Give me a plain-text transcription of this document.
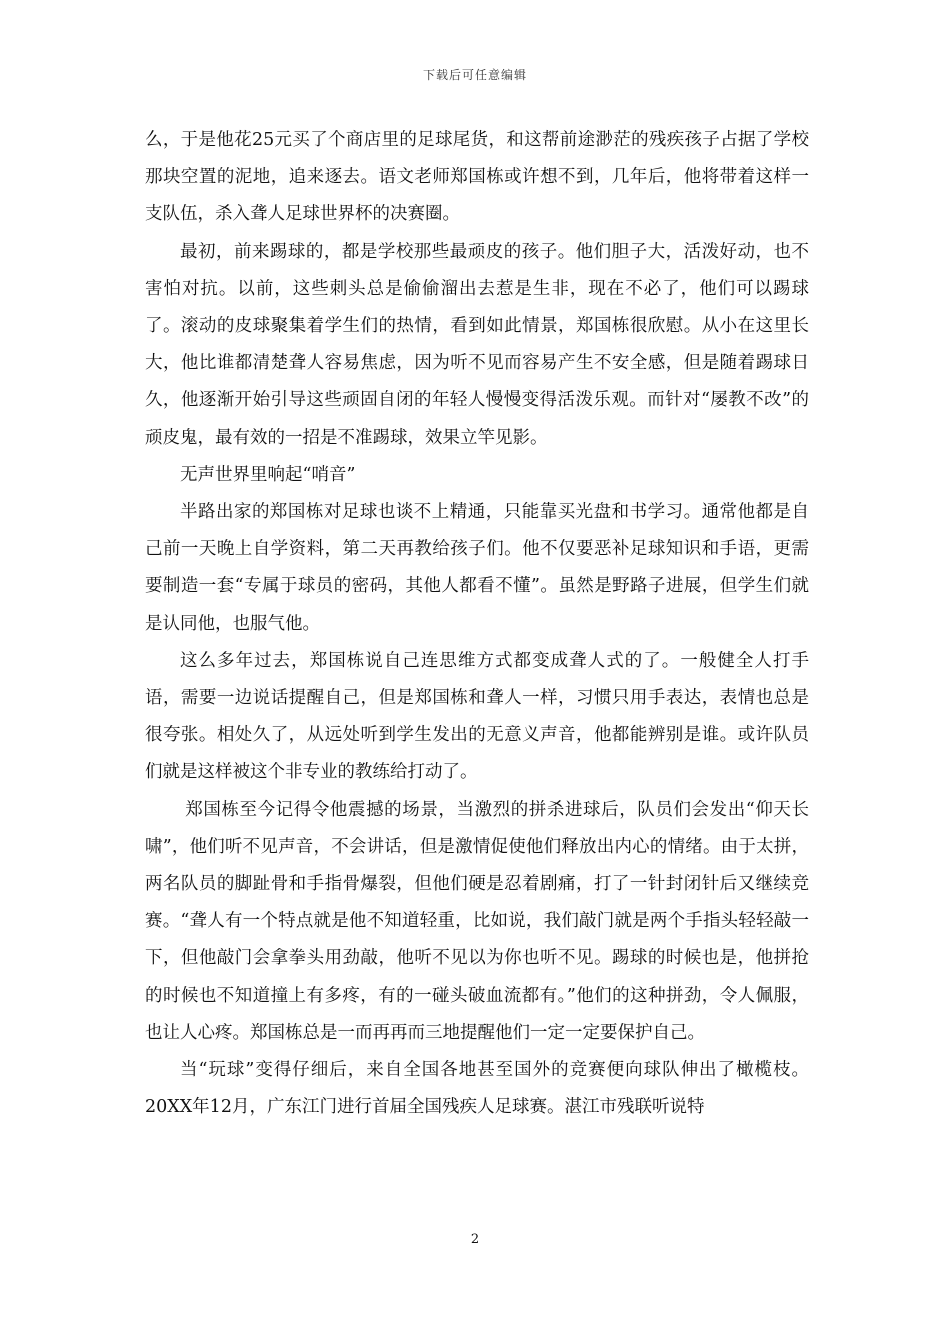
下载后可任意编辑

么，于是他花25元买了个商店里的足球尾货，和这帮前途渺茫的残疾孩子占据了学校那块空置的泥地，追来逐去。语文老师郑国栋或许想不到，几年后，他将带着这样一支队伍，杀入聋人足球世界杯的决赛圈。

最初，前来踢球的，都是学校那些最顽皮的孩子。他们胆子大，活泼好动，也不害怕对抗。以前，这些刺头总是偷偷溜出去惹是生非，现在不必了，他们可以踢球了。滚动的皮球聚集着学生们的热情，看到如此情景，郑国栋很欣慰。从小在这里长大，他比谁都清楚聋人容易焦虑，因为听不见而容易产生不安全感，但是随着踢球日久，他逐渐开始引导这些顽固自闭的年轻人慢慢变得活泼乐观。而针对“屡教不改”的顽皮鬼，最有效的一招是不准踢球，效果立竿见影。

无声世界里响起“哨音”

半路出家的郑国栋对足球也谈不上精通，只能靠买光盘和书学习。通常他都是自己前一天晚上自学资料，第二天再教给孩子们。他不仅要恶补足球知识和手语，更需要制造一套“专属于球员的密码，其他人都看不懂”。虽然是野路子进展，但学生们就是认同他，也服气他。

这么多年过去，郑国栋说自己连思维方式都变成聋人式的了。一般健全人打手语，需要一边说话提醒自己，但是郑国栋和聋人一样，习惯只用手表达，表情也总是很夸张。相处久了，从远处听到学生发出的无意义声音，他都能辨别是谁。或许队员们就是这样被这个非专业的教练给打动了。

郑国栋至今记得令他震撼的场景，当激烈的拼杀进球后，队员们会发出“仰天长啸”，他们听不见声音，不会讲话，但是激情促使他们释放出内心的情绪。由于太拼，两名队员的脚趾骨和手指骨爆裂，但他们硬是忍着剧痛，打了一针封闭针后又继续竞赛。“聋人有一个特点就是他不知道轻重，比如说，我们敲门就是两个手指头轻轻敲一下，但他敲门会拿拳头用劲敲，他听不见以为你也听不见。踢球的时候也是，他拼抢的时候也不知道撞上有多疼，有的一碰头破血流都有。”他们的这种拼劲，令人佩服，也让人心疼。郑国栋总是一而再再而三地提醒他们一定一定要保护自己。

当“玩球”变得仔细后，来自全国各地甚至国外的竞赛便向球队伸出了橄榄枝。20XX年12月，广东江门进行首届全国残疾人足球赛。湛江市残联听说特

2
